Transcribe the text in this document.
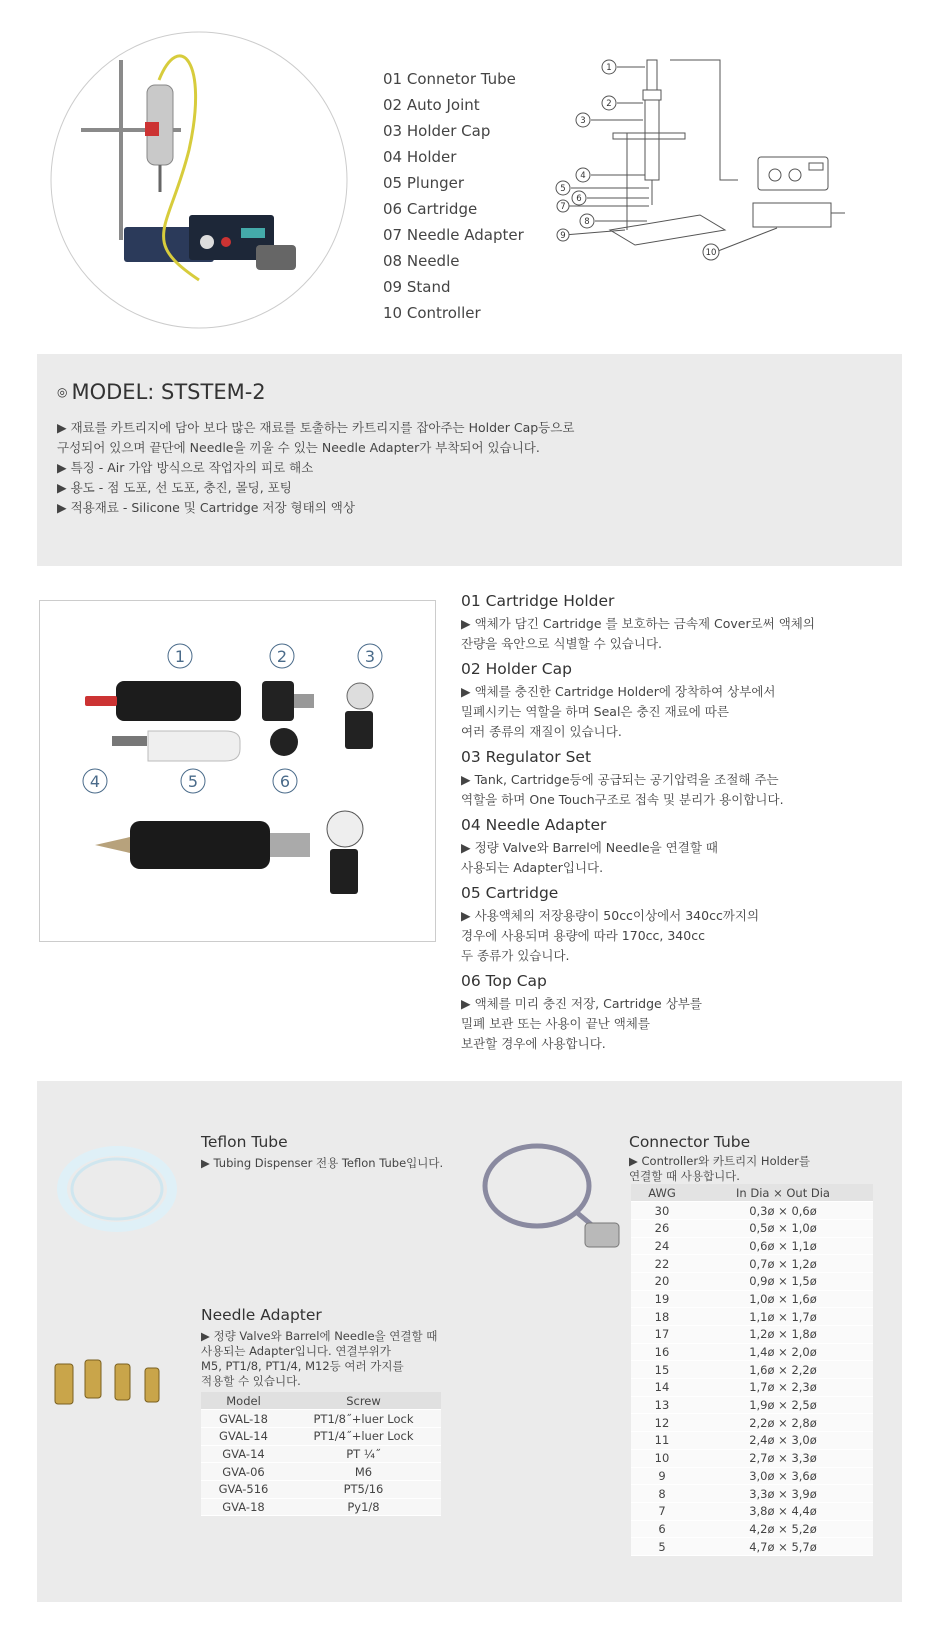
01 Connetor Tube
02 Auto Joint
03 Holder Cap
04 Holder
05 Plunger
06 Cartridge
07 Needle Adapter
08 Needle
09 Stand
10 Controller
1
2
3
4
5
6
7
8
9
10
◎ MODEL: STSTEM-2
▶ 재료를 카트리지에 담아 보다 많은 재료를 토출하는 카트리지를 잡아주는 Holder Cap등으로
구성되어 있으며 끝단에 Needle을 끼울 수 있는 Needle Adapter가 부착되어 있습니다.
▶ 특징 - Air 가압 방식으로 작업자의 피로 해소
▶ 용도 - 점 도포, 선 도포, 충진, 몰딩, 포팅
▶ 적용재료 - Silicone 및 Cartridge 저장 형태의 액상
1	2	3
4	5	6
01 Cartridge Holder
▶ 액체가 담긴 Cartridge 를 보호하는 금속제 Cover로써 액체의
잔량을 육안으로 식별할 수 있습니다.
02 Holder Cap
▶ 액체를 충진한 Cartridge Holder에 장착하여 상부에서
밀폐시키는 역할을 하며 Seal은 충진 재료에 따른
여러 종류의 재질이 있습니다.
03 Regulator Set
▶ Tank, Cartridge등에 공급되는 공기압력을 조절해 주는
역할을 하며 One Touch구조로 접속 및 분리가 용이합니다.
04 Needle Adapter
▶ 정량 Valve와 Barrel에 Needle을 연결할 때
사용되는 Adapter입니다.
05 Cartridge
▶ 사용액체의 저장용량이 50cc이상에서 340cc까지의
경우에 사용되며 용량에 따라 170cc, 340cc
두 종류가 있습니다.
06 Top Cap
▶ 액체를 미리 충진 저장, Cartridge 상부를
밀폐 보관 또는 사용이 끝난 액체를
보관할 경우에 사용합니다.
Teflon Tube
▶ Tubing Dispenser 전용 Teflon Tube입니다.
Needle Adapter
▶ 정량 Valve와 Barrel에 Needle을 연결할 때
사용되는 Adapter입니다. 연결부위가
M5, PT1/8, PT1/4, M12등 여러 가지를
적용할 수 있습니다.
Model	Screw
GVAL-18	PT1/8˝+luer Lock
GVAL-14	PT1/4˝+luer Lock
GVA-14	PT ¼˝
GVA-06	M6
GVA-516	PT5/16
GVA-18	Py1/8
Connector Tube
▶ Controller와 카트리지 Holder를
연결할 때 사용합니다.
AWG	In Dia × Out Dia
30	0,3ø × 0,6ø
26	0,5ø × 1,0ø
24	0,6ø × 1,1ø
22	0,7ø × 1,2ø
20	0,9ø × 1,5ø
19	1,0ø × 1,6ø
18	1,1ø × 1,7ø
17	1,2ø × 1,8ø
16	1,4ø × 2,0ø
15	1,6ø × 2,2ø
14	1,7ø × 2,3ø
13	1,9ø × 2,5ø
12	2,2ø × 2,8ø
11	2,4ø × 3,0ø
10	2,7ø × 3,3ø
9	3,0ø × 3,6ø
8	3,3ø × 3,9ø
7	3,8ø × 4,4ø
6	4,2ø × 5,2ø
5	4,7ø × 5,7ø
